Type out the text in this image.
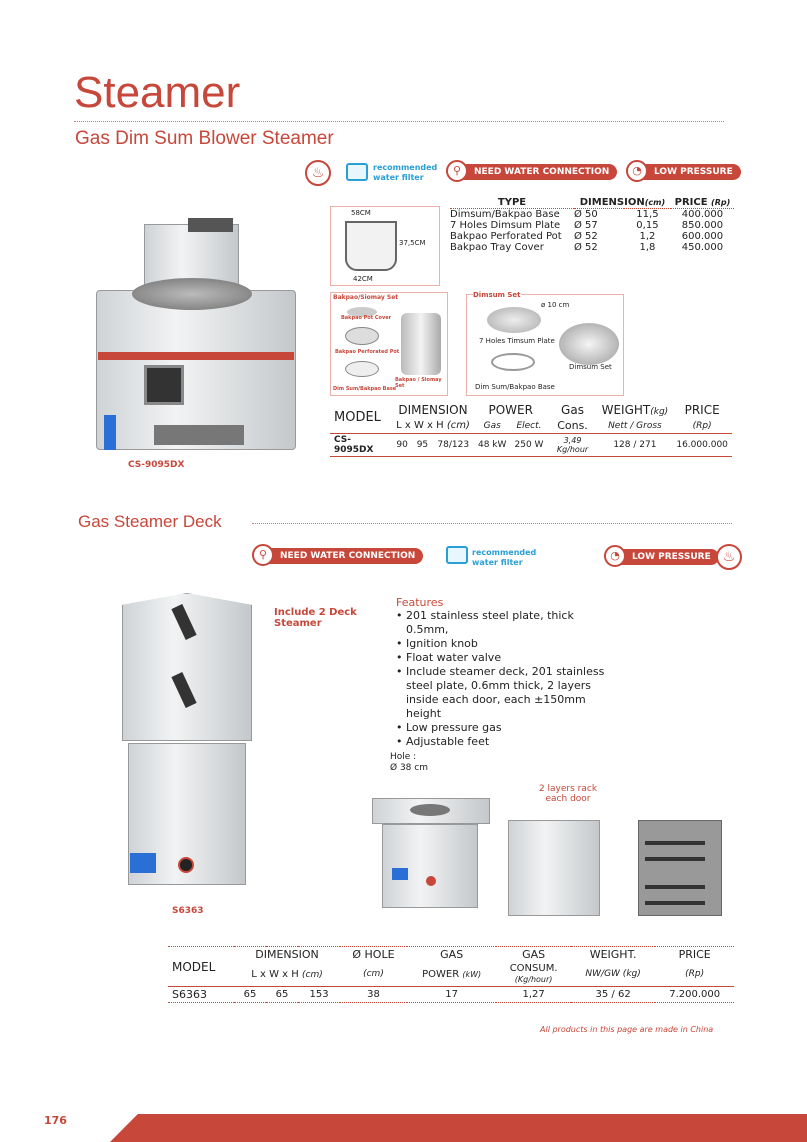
Steamer
Gas Dim Sum Blower Steamer
♨	recommended
water filter
⚲	NEED WATER CONNECTION	◔	LOW PRESSURE
CS-9095DX
58CM
37,5CM
42CM
TYPE	DIMENSION(cm)		PRICE (Rp)
Dimsum/Bakpao Base	Ø 50	11,5	400.000
7 Holes Dimsum Plate	Ø 57	0,15	850.000
Bakpao Perforated Pot	Ø 52	1,2	600.000
Bakpao Tray Cover	Ø 52	1,8	450.000
Bakpao/Siomay Set
Bakpao Pot Cover
Bakpao Perforated Pot
Dim Sum/Bakpao Base
Bakpao / Siomay Set
Dimsum Set
ø 10 cm
7 Holes Timsum Plate
Dim Sum/Bakpao Base
Dimsum Set
MODEL	DIMENSION			POWER		Gas	WEIGHT(kg)	PRICE
	L x W x H (cm)			Gas	Elect.	Cons.	Nett / Gross	(Rp)
CS-9095DX	90	95	78/123	48 kW	250 W	3,49 Kg/hour	128 / 271	16.000.000
Gas Steamer Deck
⚲	NEED WATER CONNECTION	recommended
water filter
◔	LOW PRESSURE ♨
S6363
Include 2 Deck Steamer
Features
• 201 stainless steel plate, thick 0.5mm,
• Ignition knob
• Float water valve
• Include steamer deck, 201 stainless steel plate, 0.6mm thick, 2 layers inside each door, each ±150mm height
• Low pressure gas
• Adjustable feet
Hole :
Ø 38 cm
2 layers rack each door
MODEL	DIMENSION			Ø HOLE	GAS	GAS	WEIGHT.	PRICE
	L x W x H (cm)			(cm)	POWER (kW)	CONSUM.
(Kg/hour)	NW/GW (kg)	(Rp)
S6363	65	65	153	38	17	1,27	35 / 62	7.200.000
All products in this page are made in China
176
